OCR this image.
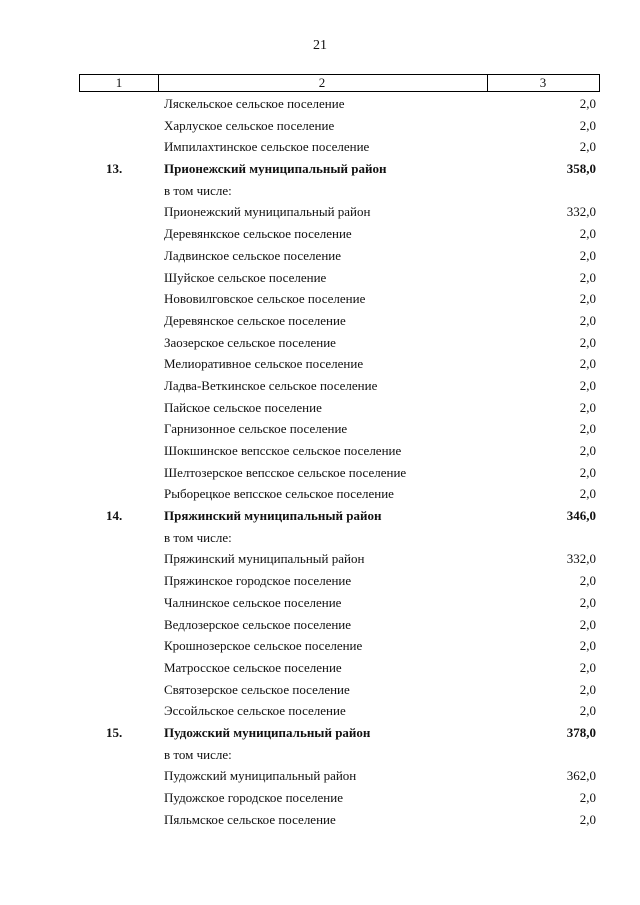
21
1	2	3
Ляскельское сельское поселение	2,0
Харлуское сельское поселение	2,0
Импилахтинское сельское поселение	2,0
13.	Прионежский муниципальный район	358,0
в том числе:
Прионежский муниципальный район	332,0
Деревянкское сельское поселение	2,0
Ладвинское сельское поселение	2,0
Шуйское сельское поселение	2,0
Нововилговское сельское поселение	2,0
Деревянское сельское поселение	2,0
Заозерское сельское поселение	2,0
Мелиоративное сельское поселение	2,0
Ладва-Веткинское сельское поселение	2,0
Пайское сельское поселение	2,0
Гарнизонное сельское поселение	2,0
Шокшинское вепсское сельское поселение	2,0
Шелтозерское вепсское сельское поселение	2,0
Рыборецкое вепсское сельское поселение	2,0
14.	Пряжинский муниципальный район	346,0
в том числе:
Пряжинский муниципальный район	332,0
Пряжинское городское поселение	2,0
Чалнинское сельское поселение	2,0
Ведлозерское сельское поселение	2,0
Крошнозерское сельское поселение	2,0
Матросское сельское поселение	2,0
Святозерское сельское поселение	2,0
Эссойльское сельское поселение	2,0
15.	Пудожский муниципальный район	378,0
в том числе:
Пудожский муниципальный район	362,0
Пудожское городское поселение	2,0
Пяльмское сельское поселение	2,0
